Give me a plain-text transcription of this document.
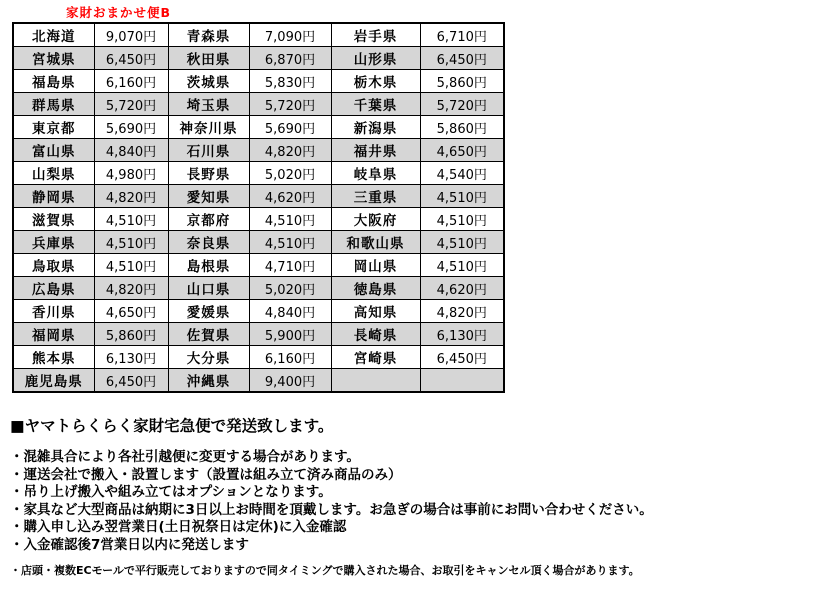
家財おまかせ便B
北海道	9,070円	青森県	7,090円	岩手県	6,710円
宮城県	6,450円	秋田県	6,870円	山形県	6,450円
福島県	6,160円	茨城県	5,830円	栃木県	5,860円
群馬県	5,720円	埼玉県	5,720円	千葉県	5,720円
東京都	5,690円	神奈川県	5,690円	新潟県	5,860円
富山県	4,840円	石川県	4,820円	福井県	4,650円
山梨県	4,980円	長野県	5,020円	岐阜県	4,540円
静岡県	4,820円	愛知県	4,620円	三重県	4,510円
滋賀県	4,510円	京都府	4,510円	大阪府	4,510円
兵庫県	4,510円	奈良県	4,510円	和歌山県	4,510円
鳥取県	4,510円	島根県	4,710円	岡山県	4,510円
広島県	4,820円	山口県	5,020円	徳島県	4,620円
香川県	4,650円	愛媛県	4,840円	高知県	4,820円
福岡県	5,860円	佐賀県	5,900円	長崎県	6,130円
熊本県	6,130円	大分県	6,160円	宮崎県	6,450円
鹿児島県	6,450円	沖縄県	9,400円		

■ヤマトらくらく家財宅急便で発送致します。

・混雑具合により各社引越便に変更する場合があります。

・運送会社で搬入・設置します（設置は組み立て済み商品のみ）

・吊り上げ搬入や組み立てはオプションとなります。

・家具など大型商品は納期に3日以上お時間を頂戴します。お急ぎの場合は事前にお問い合わせください。

・購入申し込み翌営業日(土日祝祭日は定休)に入金確認

・入金確認後7営業日以内に発送します

・店頭・複数ECモールで平行販売しておりますので同タイミングで購入された場合、お取引をキャンセル頂く場合があります。
